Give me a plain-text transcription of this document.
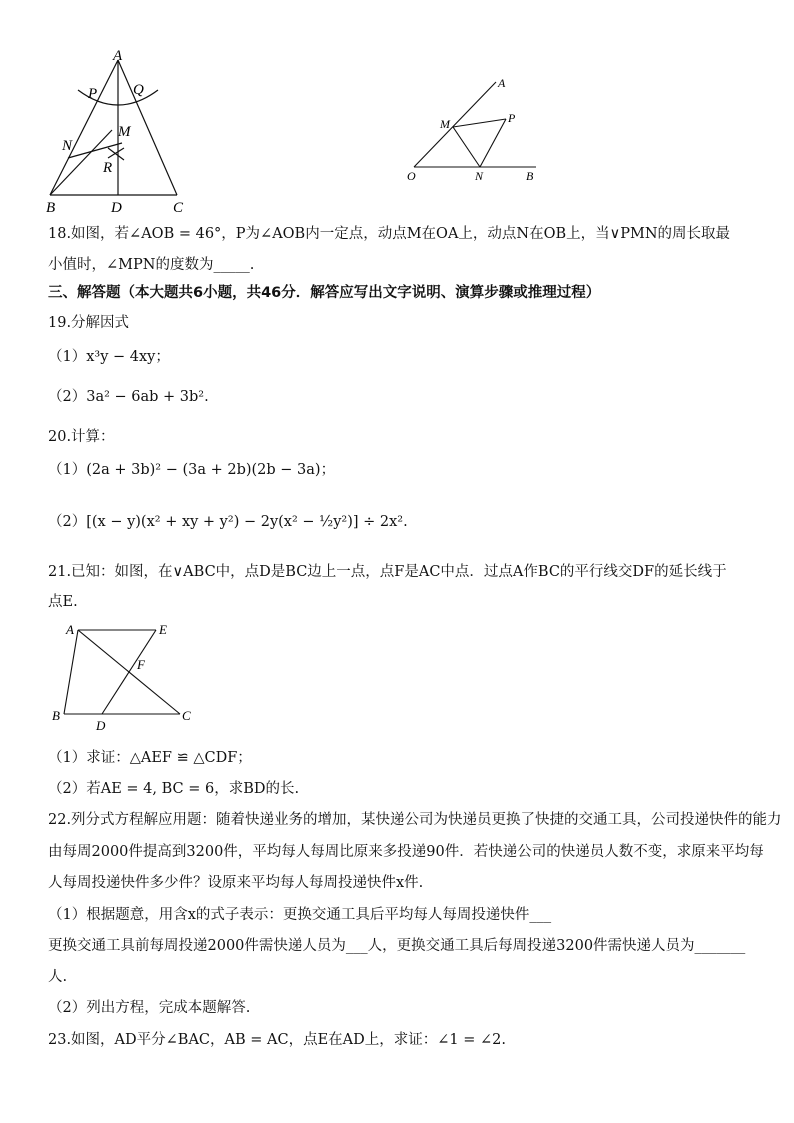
A
P Q
N
M
R
B	D	C
A
M	P
O	N	B
18.如图，若∠AOB = 46°，P为∠AOB内一定点，动点M在OA上，动点N在OB上，当∨PMN的周长取最
小值时，∠MPN的度数为_____.
三、解答题（本大题共6小题，共46分．解答应写出文字说明、演算步骤或推理过程）
19.分解因式
（1）x³y − 4xy；
（2）3a² − 6ab + 3b².
20.计算：
（1）(2a + 3b)² − (3a + 2b)(2b − 3a)；
（2）[(x − y)(x² + xy + y²) − 2y(x² − ½y²)] ÷ 2x².
21.已知：如图，在∨ABC中，点D是BC边上一点，点F是AC中点．过点A作BC的平行线交DF的延长线于
点E.
A	E
F
B
D
C
（1）求证：△AEF ≌ △CDF；
（2）若AE = 4, BC = 6，求BD的长.
22.列分式方程解应用题：随着快递业务的增加，某快递公司为快递员更换了快捷的交通工具，公司投递快件的能力
由每周2000件提高到3200件，平均每人每周比原来多投递90件．若快递公司的快递员人数不变，求原来平均每
人每周投递快件多少件？设原来平均每人每周投递快件x件.
（1）根据题意，用含x的式子表示：更换交通工具后平均每人每周投递快件___
更换交通工具前每周投递2000件需快递人员为___人，更换交通工具后每周投递3200件需快递人员为_______
人.
（2）列出方程，完成本题解答.
23.如图，AD平分∠BAC，AB = AC，点E在AD上，求证：∠1 = ∠2.
